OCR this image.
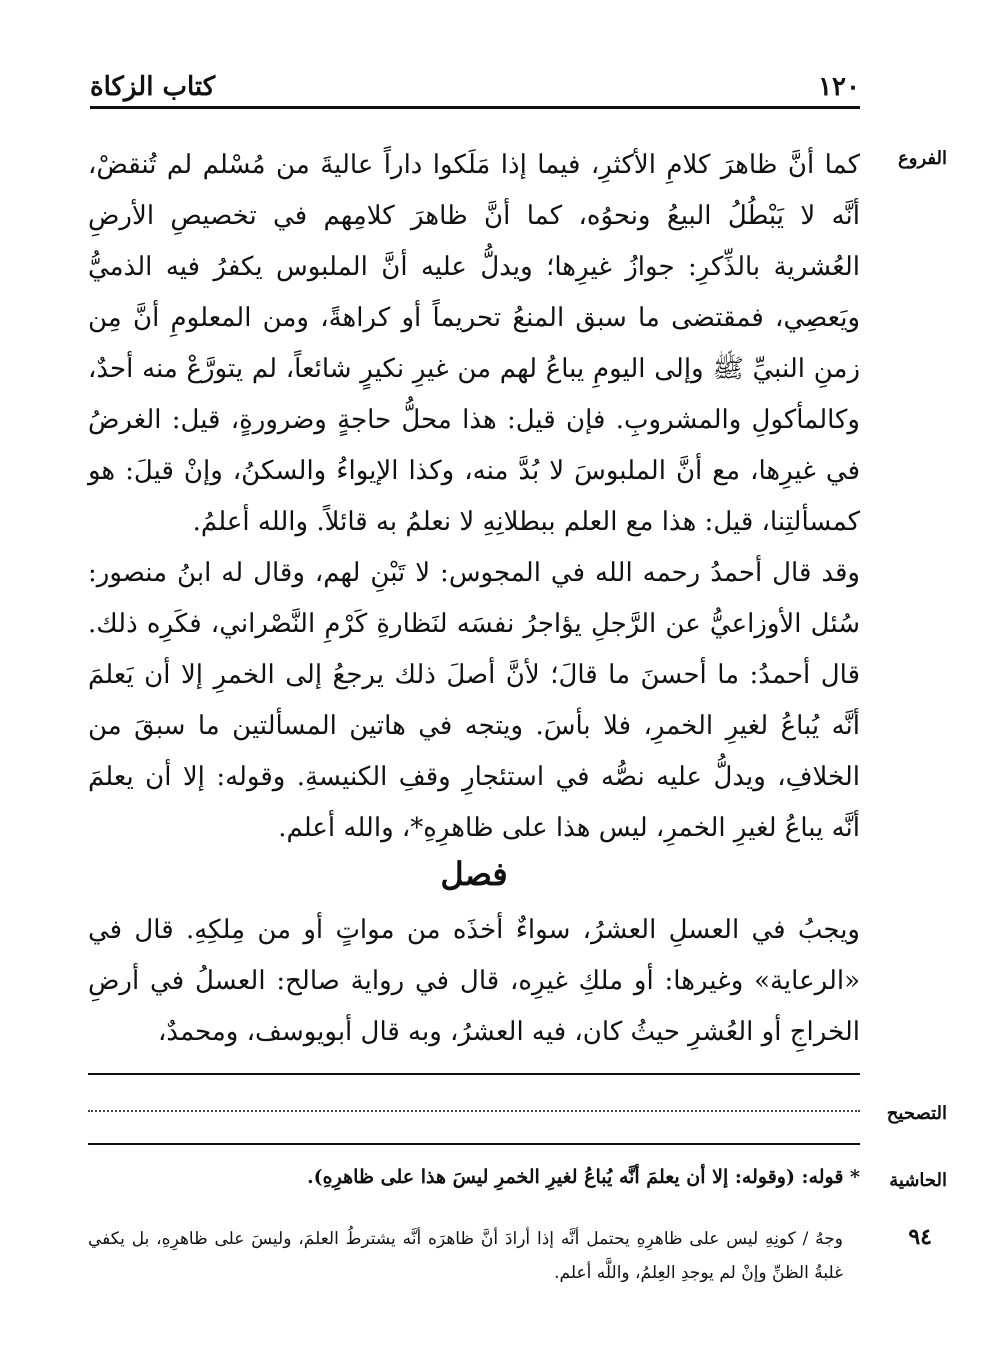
١٢٠
كتاب الزكاة
الفروع
كما أنَّ ظاهرَ كلامِ الأكثرِ، فيما إذا مَلَكوا داراً عاليةَ من مُسْلم لم تُنقضْ، أنَّه لا يَبْطُلُ البيعُ ونحوُه، كما أنَّ ظاهرَ كلامِهم في تخصيصِ الأرضِ العُشرية بالذِّكرِ: جوازُ غيرِها؛ ويدلُّ عليه أنَّ الملبوس يكفرُ فيه الذميُّ ويَعصِي، فمقتضى ما سبق المنعُ تحريماً أو كراهةً، ومن المعلومِ أنَّ مِن زمنِ النبيِّ ﷺ وإلى اليومِ يباعُ لهم من غيرِ نكيرٍ شائعاً، لم يتورَّعْ منه أحدٌ، وكالمأكولِ والمشروبِ. فإن قيل: هذا محلُّ حاجةٍ وضرورةٍ، قيل: الغرضُ في غيرِها، مع أنَّ الملبوسَ لا بُدَّ منه، وكذا الإيواءُ والسكنُ، وإنْ قيلَ: هو كمسألتِنا، قيل: هذا مع العلم ببطلانِهِ لا نعلمُ به قائلاً. والله أعلمُ.
وقد قال أحمدُ رحمه الله في المجوس: لا تَبْنِ لهم، وقال له ابنُ منصور: سُئل الأوزاعيُّ عن الرَّجلِ يؤاجرُ نفسَه لنَظارةِ كَرْمِ النَّصْراني، فكَرِه ذلك. قال أحمدُ: ما أحسنَ ما قالَ؛ لأنَّ أصلَ ذلك يرجعُ إلى الخمرِ إلا أن يَعلمَ أنَّه يُباعُ لغيرِ الخمرِ، فلا بأسَ. ويتجه في هاتين المسألتين ما سبقَ من الخلافِ، ويدلُّ عليه نصُّه في استئجارِ وقفِ الكنيسةِ. وقوله: إلا أن يعلمَ أنَّه يباعُ لغيرِ الخمرِ، ليس هذا على ظاهرِهِ*، والله أعلم.
فصل
ويجبُ في العسلِ العشرُ، سواءٌ أخذَه من مواتٍ أو من مِلكِهِ. قال في «الرعاية» وغيرها: أو ملكِ غيرِه، قال في رواية صالح: العسلُ في أرضِ الخراجِ أو العُشرِ حيثُ كان، فيه العشرُ، وبه قال أبويوسف، ومحمدٌ،
التصحيح
الحاشية
* قوله: (وقوله: إلا أن يعلمَ أنَّه يُباعُ لغيرِ الخمرِ ليسَ هذا على ظاهرِهِ).
٩٤
وجهُ / كونِهِ ليس على ظاهرِهِ يحتمل أنَّه إذا أرادَ أنَّ ظاهرَه أنَّه يشترطُ العلمَ، وليسَ على ظاهرِهِ، بل يكفي غلبةُ الظنِّ وإنْ لم يوجدِ العِلمُ، واللَّه أعلم.
